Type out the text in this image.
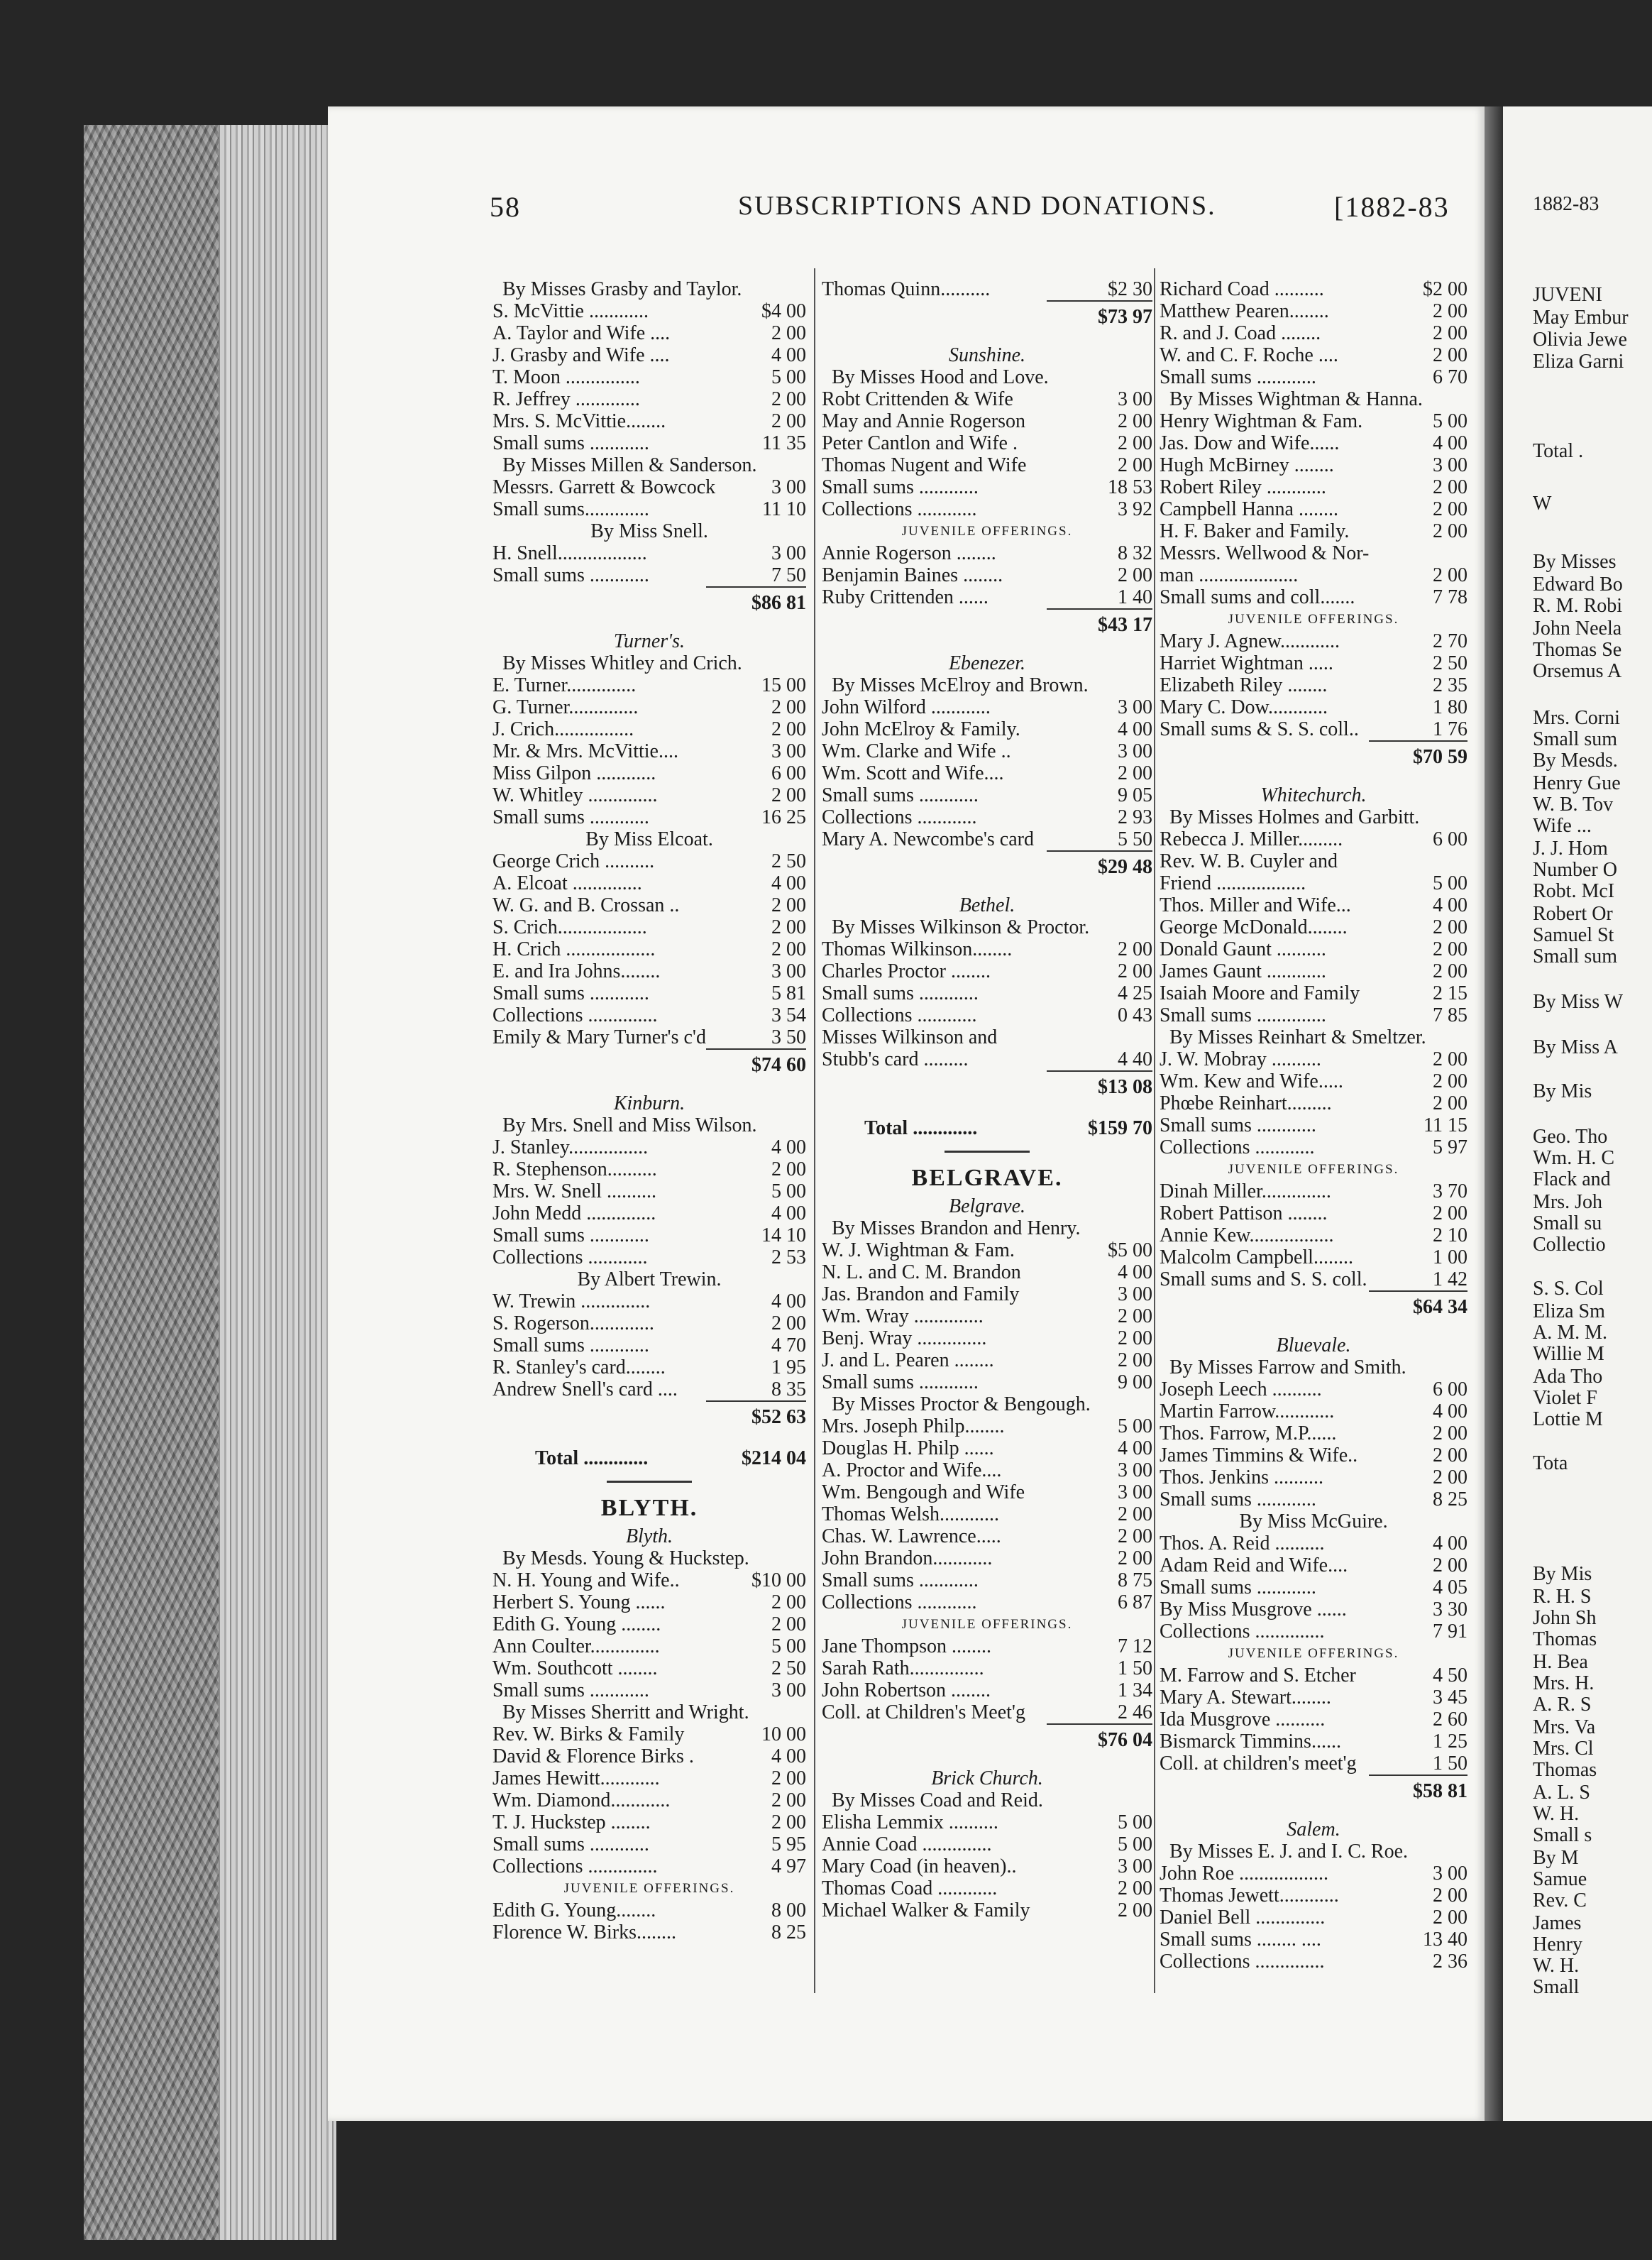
58	SUBSCRIPTIONS AND DONATIONS.	[1882-83
By Misses Grasby and Taylor.
S. McVittie ............	$4 00
A. Taylor and Wife ....	2 00
J. Grasby and Wife ....	4 00
T. Moon ...............	5 00
R. Jeffrey .............	2 00
Mrs. S. McVittie........	2 00
Small sums ............	11 35
By Misses Millen & Sanderson.
Messrs. Garrett & Bowcock	3 00
Small sums.............	11 10
By Miss Snell.
H. Snell..................	3 00
Small sums ............	7 50
$86 81
Turner's.
By Misses Whitley and Crich.
E. Turner..............	15 00
G. Turner..............	2 00
J. Crich................	2 00
Mr. & Mrs. McVittie....	3 00
Miss Gilpon ............	6 00
W. Whitley ..............	2 00
Small sums ............	16 25
By Miss Elcoat.
George Crich ..........	2 50
A. Elcoat ..............	4 00
W. G. and B. Crossan ..	2 00
S. Crich..................	2 00
H. Crich ..................	2 00
E. and Ira Johns........	3 00
Small sums ............	5 81
Collections ..............	3 54
Emily & Mary Turner's c'd	3 50
$74 60
Kinburn.
By Mrs. Snell and Miss Wilson.
J. Stanley................	4 00
R. Stephenson..........	2 00
Mrs. W. Snell ..........	5 00
John Medd ..............	4 00
Small sums ............	14 10
Collections ............	2 53
By Albert Trewin.
W. Trewin ..............	4 00
S. Rogerson.............	2 00
Small sums ............	4 70
R. Stanley's card........	1 95
Andrew Snell's card ....	8 35
$52 63
Total .............	$214 04
BLYTH.
Blyth.
By Mesds. Young & Huckstep.
N. H. Young and Wife..	$10 00
Herbert S. Young ......	2 00
Edith G. Young ........	2 00
Ann Coulter..............	5 00
Wm. Southcott ........	2 50
Small sums ............	3 00
By Misses Sherritt and Wright.
Rev. W. Birks & Family	10 00
David & Florence Birks .	4 00
James Hewitt............	2 00
Wm. Diamond............	2 00
T. J. Huckstep ........	2 00
Small sums ............	5 95
Collections ..............	4 97
JUVENILE OFFERINGS.
Edith G. Young........	8 00
Florence W. Birks........	8 25
Thomas Quinn..........	$2 30
$73 97
Sunshine.
By Misses Hood and Love.
Robt Crittenden & Wife	3 00
May and Annie Rogerson	2 00
Peter Cantlon and Wife .	2 00
Thomas Nugent and Wife	2 00
Small sums ............	18 53
Collections ............	3 92
JUVENILE OFFERINGS.
Annie Rogerson ........	8 32
Benjamin Baines ........	2 00
Ruby Crittenden ......	1 40
$43 17
Ebenezer.
By Misses McElroy and Brown.
John Wilford ............	3 00
John McElroy & Family.	4 00
Wm. Clarke and Wife ..	3 00
Wm. Scott and Wife....	2 00
Small sums ............	9 05
Collections ............	2 93
Mary A. Newcombe's card	5 50
$29 48
Bethel.
By Misses Wilkinson & Proctor.
Thomas Wilkinson........	2 00
Charles Proctor ........	2 00
Small sums ............	4 25
Collections ............	0 43
Misses Wilkinson and
Stubb's card .........	4 40
$13 08
Total .............	$159 70
BELGRAVE.
Belgrave.
By Misses Brandon and Henry.
W. J. Wightman & Fam.	$5 00
N. L. and C. M. Brandon	4 00
Jas. Brandon and Family	3 00
Wm. Wray ..............	2 00
Benj. Wray ..............	2 00
J. and L. Pearen ........	2 00
Small sums ............	9 00
By Misses Proctor & Bengough.
Mrs. Joseph Philp........	5 00
Douglas H. Philp ......	4 00
A. Proctor and Wife....	3 00
Wm. Bengough and Wife	3 00
Thomas Welsh............	2 00
Chas. W. Lawrence.....	2 00
John Brandon............	2 00
Small sums ............	8 75
Collections ............	6 87
JUVENILE OFFERINGS.
Jane Thompson ........	7 12
Sarah Rath...............	1 50
John Robertson ........	1 34
Coll. at Children's Meet'g	2 46
$76 04
Brick Church.
By Misses Coad and Reid.
Elisha Lemmix ..........	5 00
Annie Coad ..............	5 00
Mary Coad (in heaven)..	3 00
Thomas Coad ............	2 00
Michael Walker & Family	2 00
Richard Coad ..........	$2 00
Matthew Pearen........	2 00
R. and J. Coad ........	2 00
W. and C. F. Roche ....	2 00
Small sums ............	6 70
By Misses Wightman & Hanna.
Henry Wightman & Fam.	5 00
Jas. Dow and Wife......	4 00
Hugh McBirney ........	3 00
Robert Riley ............	2 00
Campbell Hanna ........	2 00
H. F. Baker and Family.	2 00
Messrs. Wellwood & Nor-
man ....................	2 00
Small sums and coll.......	7 78
JUVENILE OFFERINGS.
Mary J. Agnew............	2 70
Harriet Wightman .....	2 50
Elizabeth Riley ........	2 35
Mary C. Dow............	1 80
Small sums & S. S. coll..	1 76
$70 59
Whitechurch.
By Misses Holmes and Garbitt.
Rebecca J. Miller.........	6 00
Rev. W. B. Cuyler and
Friend ..................	5 00
Thos. Miller and Wife...	4 00
George McDonald........	2 00
Donald Gaunt ..........	2 00
James Gaunt ............	2 00
Isaiah Moore and Family	2 15
Small sums ..............	7 85
By Misses Reinhart & Smeltzer.
J. W. Mobray ..........	2 00
Wm. Kew and Wife.....	2 00
Phœbe Reinhart.........	2 00
Small sums ............	11 15
Collections ............	5 97
JUVENILE OFFERINGS.
Dinah Miller..............	3 70
Robert Pattison ........	2 00
Annie Kew.................	2 10
Malcolm Campbell........	1 00
Small sums and S. S. coll.	1 42
$64 34
Bluevale.
By Misses Farrow and Smith.
Joseph Leech ..........	6 00
Martin Farrow............	4 00
Thos. Farrow, M.P......	2 00
James Timmins & Wife..	2 00
Thos. Jenkins ..........	2 00
Small sums ............	8 25
By Miss McGuire.
Thos. A. Reid ..........	4 00
Adam Reid and Wife....	2 00
Small sums ............	4 05
By Miss Musgrove ......	3 30
Collections ..............	7 91
JUVENILE OFFERINGS.
M. Farrow and S. Etcher	4 50
Mary A. Stewart........	3 45
Ida Musgrove ..........	2 60
Bismarck Timmins......	1 25
Coll. at children's meet'g	1 50
$58 81
Salem.
By Misses E. J. and I. C. Roe.
John Roe ..................	3 00
Thomas Jewett............	2 00
Daniel Bell ..............	2 00
Small sums ........ ....	13 40
Collections ..............	2 36
1882-83
JUVENI
May Embur
Olivia Jewe
Eliza Garni
Total .
W
By Misses
Edward Bo
R. M. Robi
John Neela
Thomas Se
Orsemus A
Mrs. Corni
Small sum
By Mesds.
Henry Gue
W. B. Tov
Wife ...
J. J. Hom
Number O
Robt. McI
Robert Or
Samuel St
Small sum
By Miss W
By Miss A
By Mis
Geo. Tho
Wm. H. C
Flack and
Mrs. Joh
Small su
Collectio
S. S. Col
Eliza Sm
A. M. M.
Willie M
Ada Tho
Violet F
Lottie M
Tota
By Mis
R. H. S
John Sh
Thomas
H. Bea
Mrs. H.
A. R. S
Mrs. Va
Mrs. Cl
Thomas
A. L. S
W. H.
Small s
By M
Samue
Rev. C
James
Henry
W. H.
Small
